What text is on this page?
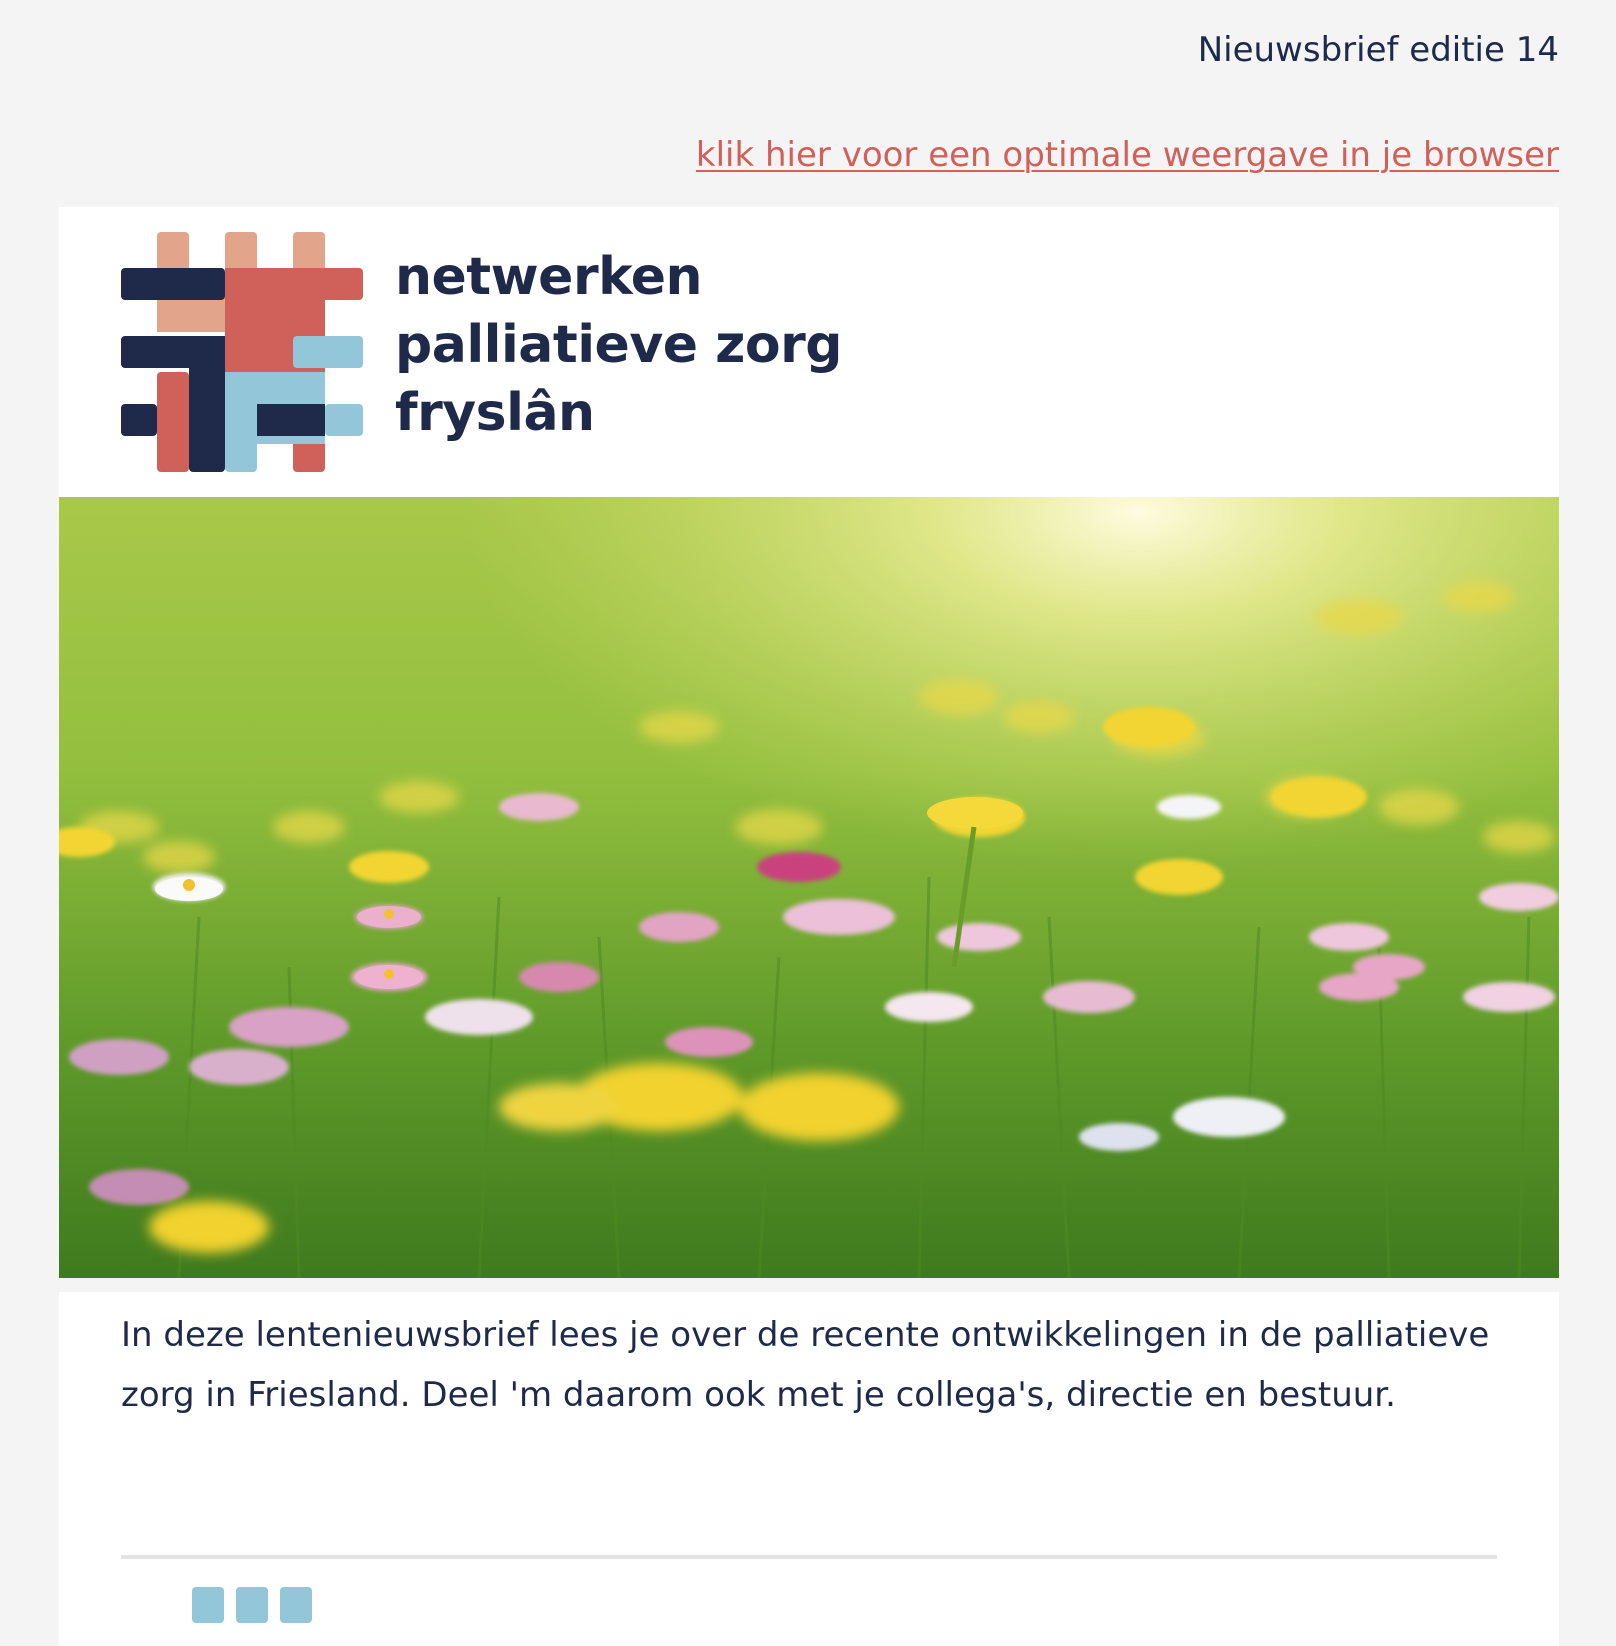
Nieuwsbrief editie 14
klik hier voor een optimale weergave in je browser
netwerken
palliatieve zorg
fryslân
In deze lentenieuwsbrief lees je over de recente ontwikkelingen in de palliatieve zorg in Friesland. Deel 'm daarom ook met je collega's, directie en bestuur.
